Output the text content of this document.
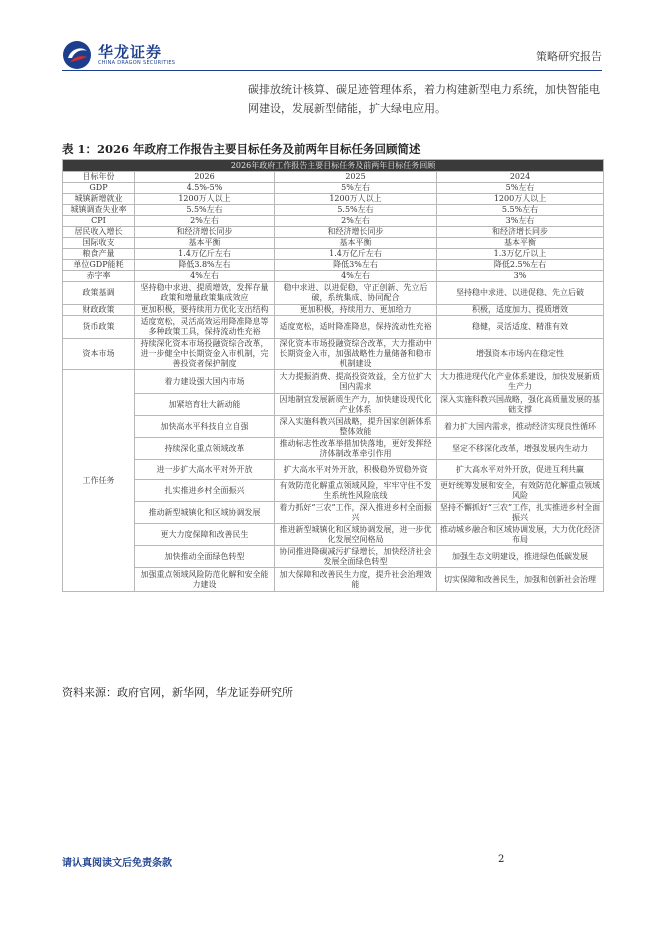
华龙证券
CHINA DRAGON SECURITIES	策略研究报告
碳排放统计核算、碳足迹管理体系，着力构建新型电力系统，加快智能电网建设，发展新型储能，扩大绿电应用。
表 1：2026 年政府工作报告主要目标任务及前两年目标任务回顾简述
2026年政府工作报告主要目标任务及前两年目标任务回顾			
目标年份	2026	2025	2024
GDP	4.5%-5%	5%左右	5%左右
城镇新增就业	1200万人以上	1200万人以上	1200万人以上
城镇调查失业率	5.5%左右	5.5%左右	5.5%左右
CPI	2%左右	2%左右	3%左右
居民收入增长	和经济增长同步	和经济增长同步	和经济增长同步
国际收支	基本平衡	基本平衡	基本平衡
粮食产量	1.4万亿斤左右	1.4万亿斤左右	1.3万亿斤以上
单位GDP能耗	降低3.8%左右	降低3%左右	降低2.5%左右
赤字率	4%左右	4%左右	3%
政策基调	坚持稳中求进、提质增效，发挥存量政策和增量政策集成效应	稳中求进、以进促稳，守正创新、先立后破，系统集成、协同配合	坚持稳中求进、以进促稳、先立后破
财政政策	更加积极，要持续用力优化支出结构	更加积极，持续用力、更加给力	积极，适度加力、提质增效
货币政策	适度宽松，灵活高效运用降准降息等多种政策工具，保持流动性充裕	适度宽松，适时降准降息，保持流动性充裕	稳健，灵活适度、精准有效
资本市场	持续深化资本市场投融资综合改革，进一步健全中长期资金入市机制，完善投资者保护制度	深化资本市场投融资综合改革，大力推动中长期资金入市，加强战略性力量储备和稳市机制建设	增强资本市场内在稳定性
工作任务	着力建设强大国内市场	大力提振消费、提高投资效益，全方位扩大国内需求	大力推进现代化产业体系建设，加快发展新质生产力
	加紧培育壮大新动能	因地制宜发展新质生产力，加快建设现代化产业体系	深入实施科教兴国战略，强化高质量发展的基础支撑
	加快高水平科技自立自强	深入实施科教兴国战略，提升国家创新体系整体效能	着力扩大国内需求，推动经济实现良性循环
	持续深化重点领域改革	推动标志性改革举措加快落地，更好发挥经济体制改革牵引作用	坚定不移深化改革，增强发展内生动力
	进一步扩大高水平对外开放	扩大高水平对外开放，积极稳外贸稳外资	扩大高水平对外开放，促进互利共赢
	扎实推进乡村全面振兴	有效防范化解重点领域风险，牢牢守住不发生系统性风险底线	更好统筹发展和安全，有效防范化解重点领域风险
	推动新型城镇化和区域协调发展	着力抓好“三农”工作，深入推进乡村全面振兴	坚持不懈抓好“三农”工作，扎实推进乡村全面振兴
	更大力度保障和改善民生	推进新型城镇化和区域协调发展，进一步优化发展空间格局	推动城乡融合和区域协调发展，大力优化经济布局
	加快推动全面绿色转型	协同推进降碳减污扩绿增长，加快经济社会发展全面绿色转型	加强生态文明建设，推进绿色低碳发展
	加强重点领域风险防范化解和安全能力建设	加大保障和改善民生力度，提升社会治理效能	切实保障和改善民生，加强和创新社会治理
资料来源：政府官网，新华网，华龙证券研究所
请认真阅读文后免责条款	2
